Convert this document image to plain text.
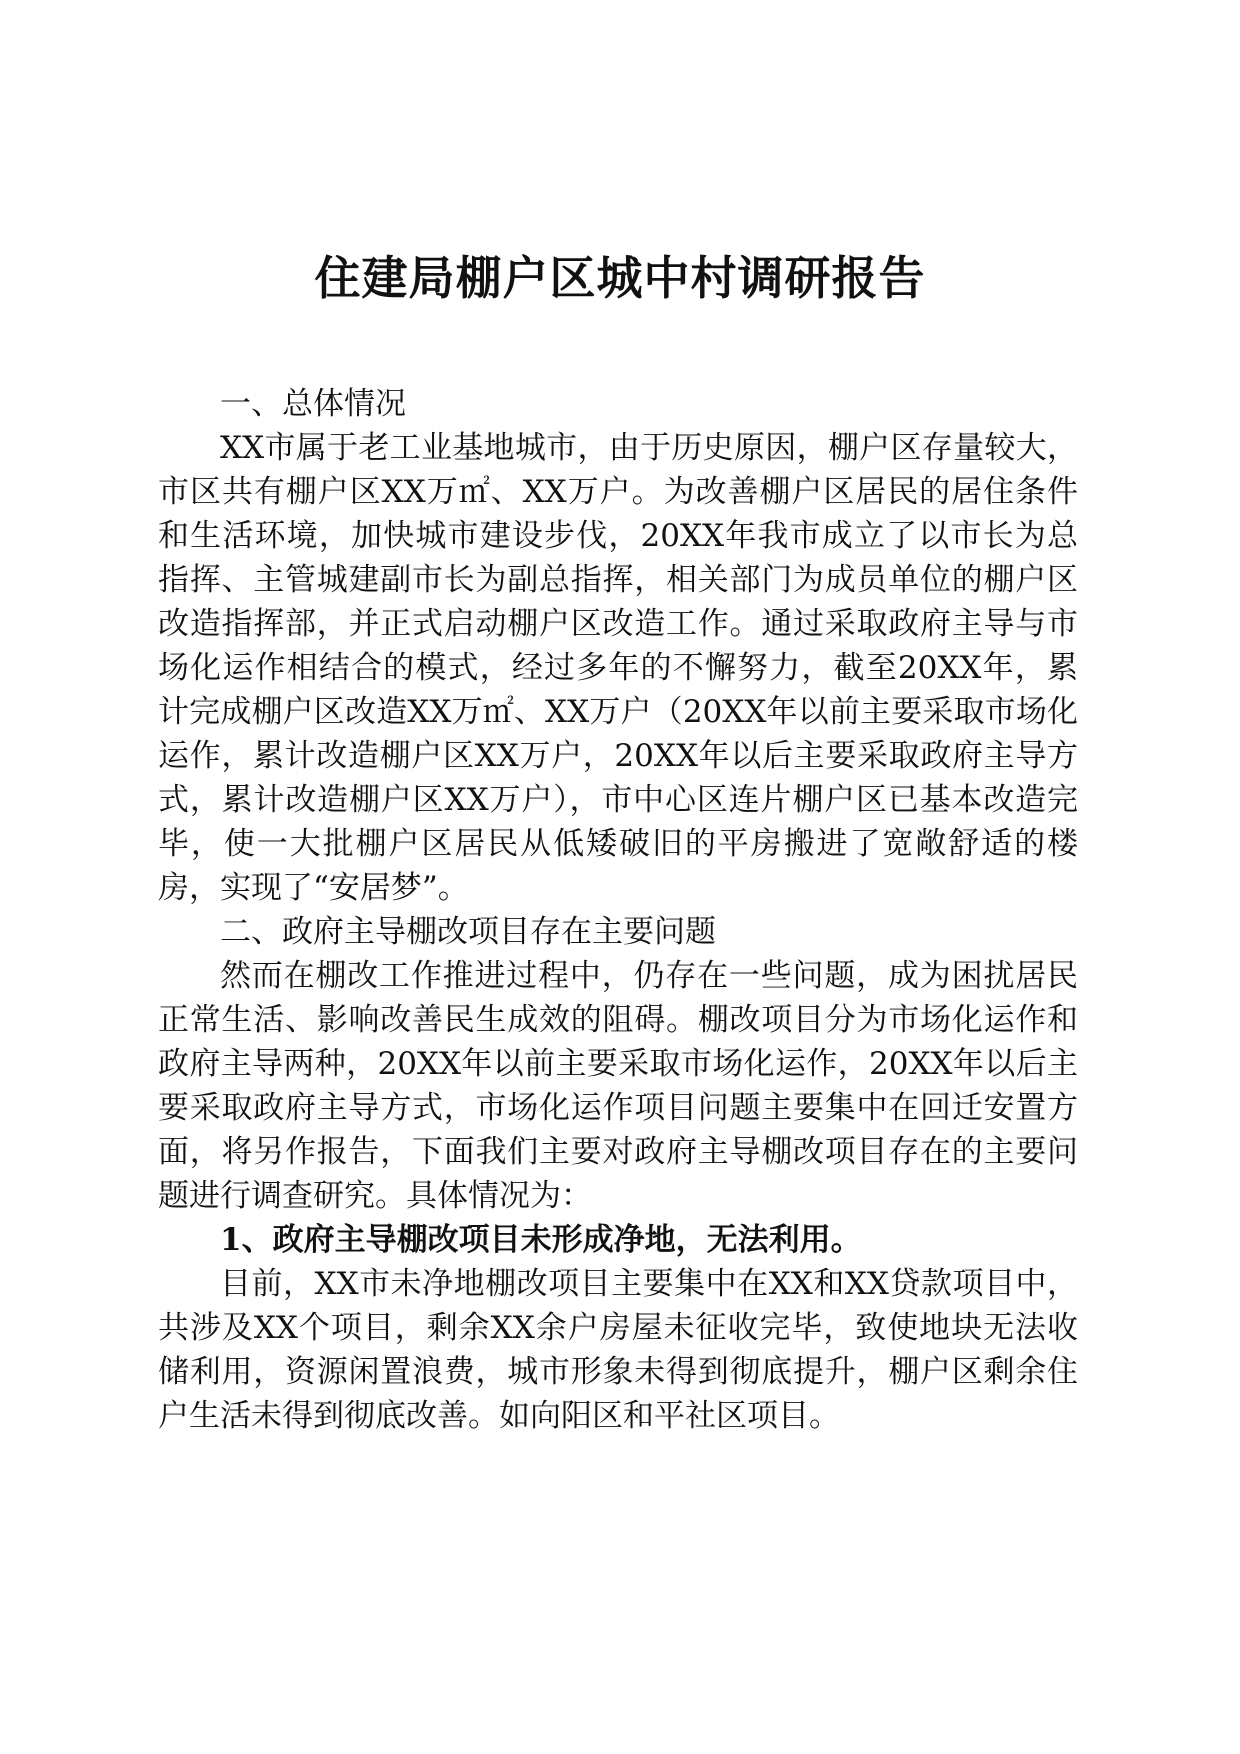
住建局棚户区城中村调研报告

一、总体情况

XX市属于老工业基地城市，由于历史原因，棚户区存量较大，市区共有棚户区XX万㎡、XX万户。为改善棚户区居民的居住条件和生活环境，加快城市建设步伐，20XX年我市成立了以市长为总指挥、主管城建副市长为副总指挥，相关部门为成员单位的棚户区改造指挥部，并正式启动棚户区改造工作。通过采取政府主导与市场化运作相结合的模式，经过多年的不懈努力，截至20XX年，累计完成棚户区改造XX万㎡、XX万户（20XX年以前主要采取市场化运作，累计改造棚户区XX万户，20XX年以后主要采取政府主导方式，累计改造棚户区XX万户），市中心区连片棚户区已基本改造完毕，使一大批棚户区居民从低矮破旧的平房搬进了宽敞舒适的楼房，实现了“安居梦”。

二、政府主导棚改项目存在主要问题

然而在棚改工作推进过程中，仍存在一些问题，成为困扰居民正常生活、影响改善民生成效的阻碍。棚改项目分为市场化运作和政府主导两种，20XX年以前主要采取市场化运作，20XX年以后主要采取政府主导方式，市场化运作项目问题主要集中在回迁安置方面，将另作报告，下面我们主要对政府主导棚改项目存在的主要问题进行调查研究。具体情况为：

1、政府主导棚改项目未形成净地，无法利用。

目前，XX市未净地棚改项目主要集中在XX和XX贷款项目中，共涉及XX个项目，剩余XX余户房屋未征收完毕，致使地块无法收储利用，资源闲置浪费，城市形象未得到彻底提升，棚户区剩余住户生活未得到彻底改善。如向阳区和平社区项目。
